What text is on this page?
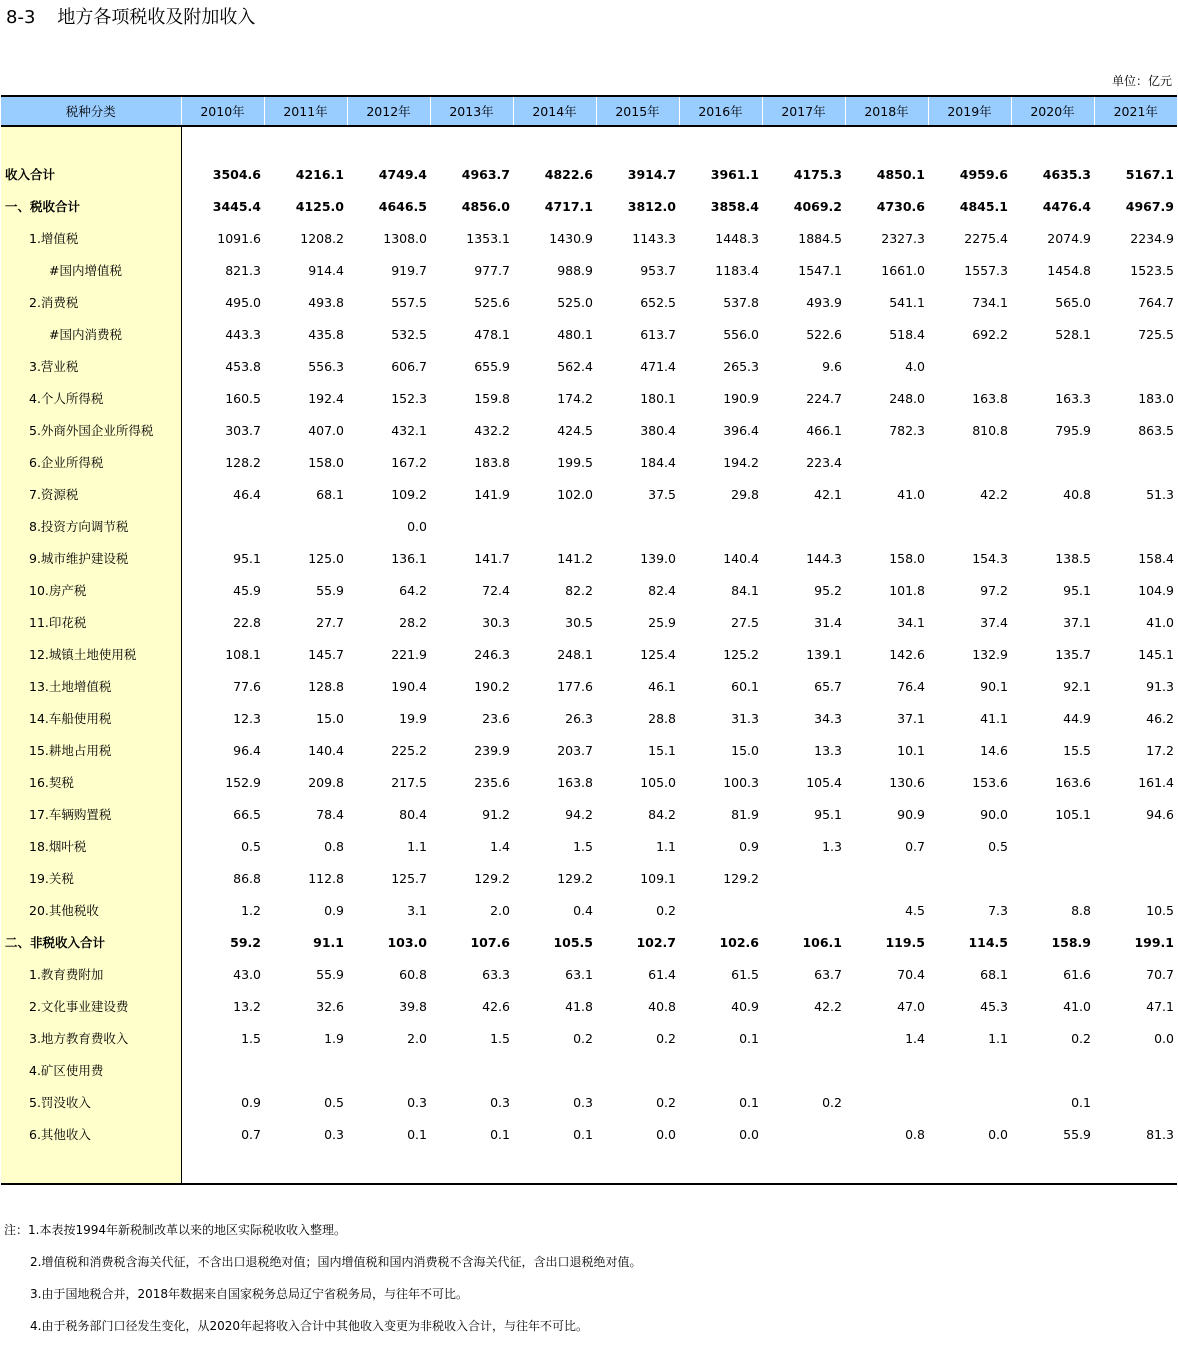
8-3 地方各项税收及附加收入
单位：亿元
税种分类	2010年	2011年	2012年	2013年	2014年	2015年	2016年	2017年	2018年	2019年	2020年	2021年

收入合计	3504.6	4216.1	4749.4	4963.7	4822.6	3914.7	3961.1	4175.3	4850.1	4959.6	4635.3	5167.1
一、税收合计	3445.4	4125.0	4646.5	4856.0	4717.1	3812.0	3858.4	4069.2	4730.6	4845.1	4476.4	4967.9
1.增值税	1091.6	1208.2	1308.0	1353.1	1430.9	1143.3	1448.3	1884.5	2327.3	2275.4	2074.9	2234.9
#国内增值税	821.3	914.4	919.7	977.7	988.9	953.7	1183.4	1547.1	1661.0	1557.3	1454.8	1523.5
2.消费税	495.0	493.8	557.5	525.6	525.0	652.5	537.8	493.9	541.1	734.1	565.0	764.7
#国内消费税	443.3	435.8	532.5	478.1	480.1	613.7	556.0	522.6	518.4	692.2	528.1	725.5
3.营业税	453.8	556.3	606.7	655.9	562.4	471.4	265.3	9.6	4.0			
4.个人所得税	160.5	192.4	152.3	159.8	174.2	180.1	190.9	224.7	248.0	163.8	163.3	183.0
5.外商外国企业所得税	303.7	407.0	432.1	432.2	424.5	380.4	396.4	466.1	782.3	810.8	795.9	863.5
6.企业所得税	128.2	158.0	167.2	183.8	199.5	184.4	194.2	223.4				
7.资源税	46.4	68.1	109.2	141.9	102.0	37.5	29.8	42.1	41.0	42.2	40.8	51.3
8.投资方向调节税			0.0									
9.城市维护建设税	95.1	125.0	136.1	141.7	141.2	139.0	140.4	144.3	158.0	154.3	138.5	158.4
10.房产税	45.9	55.9	64.2	72.4	82.2	82.4	84.1	95.2	101.8	97.2	95.1	104.9
11.印花税	22.8	27.7	28.2	30.3	30.5	25.9	27.5	31.4	34.1	37.4	37.1	41.0
12.城镇土地使用税	108.1	145.7	221.9	246.3	248.1	125.4	125.2	139.1	142.6	132.9	135.7	145.1
13.土地增值税	77.6	128.8	190.4	190.2	177.6	46.1	60.1	65.7	76.4	90.1	92.1	91.3
14.车船使用税	12.3	15.0	19.9	23.6	26.3	28.8	31.3	34.3	37.1	41.1	44.9	46.2
15.耕地占用税	96.4	140.4	225.2	239.9	203.7	15.1	15.0	13.3	10.1	14.6	15.5	17.2
16.契税	152.9	209.8	217.5	235.6	163.8	105.0	100.3	105.4	130.6	153.6	163.6	161.4
17.车辆购置税	66.5	78.4	80.4	91.2	94.2	84.2	81.9	95.1	90.9	90.0	105.1	94.6
18.烟叶税	0.5	0.8	1.1	1.4	1.5	1.1	0.9	1.3	0.7	0.5		
19.关税	86.8	112.8	125.7	129.2	129.2	109.1	129.2					
20.其他税收	1.2	0.9	3.1	2.0	0.4	0.2			4.5	7.3	8.8	10.5
二、非税收入合计	59.2	91.1	103.0	107.6	105.5	102.7	102.6	106.1	119.5	114.5	158.9	199.1
1.教育费附加	43.0	55.9	60.8	63.3	63.1	61.4	61.5	63.7	70.4	68.1	61.6	70.7
2.文化事业建设费	13.2	32.6	39.8	42.6	41.8	40.8	40.9	42.2	47.0	45.3	41.0	47.1
3.地方教育费收入	1.5	1.9	2.0	1.5	0.2	0.2	0.1		1.4	1.1	0.2	0.0
4.矿区使用费												
5.罚没收入	0.9	0.5	0.3	0.3	0.3	0.2	0.1	0.2			0.1	
6.其他收入	0.7	0.3	0.1	0.1	0.1	0.0	0.0		0.8	0.0	55.9	81.3

注：1.本表按1994年新税制改革以来的地区实际税收收入整理。
2.增值税和消费税含海关代征，不含出口退税绝对值；国内增值税和国内消费税不含海关代征，含出口退税绝对值。
3.由于国地税合并，2018年数据来自国家税务总局辽宁省税务局，与往年不可比。
4.由于税务部门口径发生变化，从2020年起将收入合计中其他收入变更为非税收入合计，与往年不可比。
